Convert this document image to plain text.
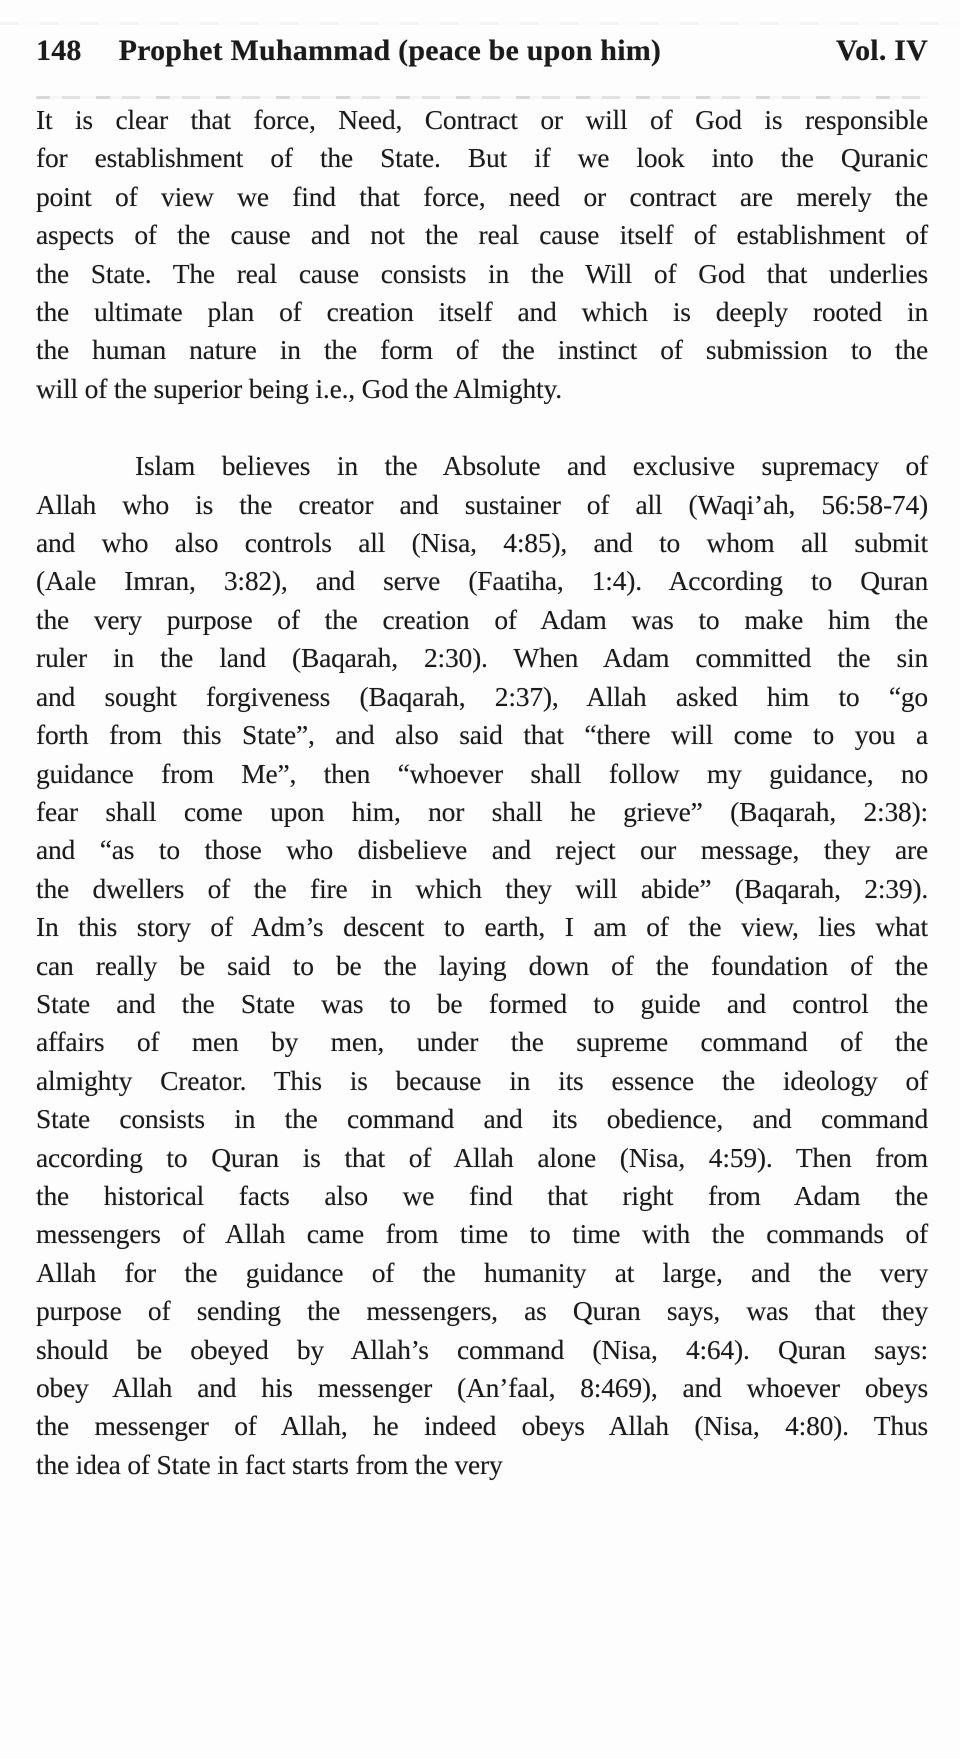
148 Prophet Muhammad (peace be upon him)	Vol. IV
It is clear that force, Need, Contract or will of God is responsible
for establishment of the State. But if we look into the Quranic
point of view we find that force, need or contract are merely the
aspects of the cause and not the real cause itself of establishment of
the State. The real cause consists in the Will of God that underlies
the ultimate plan of creation itself and which is deeply rooted in
the human nature in the form of the instinct of submission to the
will of the superior being i.e., God the Almighty.
Islam believes in the Absolute and exclusive supremacy of
Allah who is the creator and sustainer of all (Waqi’ah, 56:58-74)
and who also controls all (Nisa, 4:85), and to whom all submit
(Aale Imran, 3:82), and serve (Faatiha, 1:4). According to Quran
the very purpose of the creation of Adam was to make him the
ruler in the land (Baqarah, 2:30). When Adam committed the sin
and sought forgiveness (Baqarah, 2:37), Allah asked him to “go
forth from this State”, and also said that “there will come to you a
guidance from Me”, then “whoever shall follow my guidance, no
fear shall come upon him, nor shall he grieve” (Baqarah, 2:38):
and “as to those who disbelieve and reject our message, they are
the dwellers of the fire in which they will abide” (Baqarah, 2:39).
In this story of Adm’s descent to earth, I am of the view, lies what
can really be said to be the laying down of the foundation of the
State and the State was to be formed to guide and control the
affairs of men by men, under the supreme command of the
almighty Creator. This is because in its essence the ideology of
State consists in the command and its obedience, and command
according to Quran is that of Allah alone (Nisa, 4:59). Then from
the historical facts also we find that right from Adam the
messengers of Allah came from time to time with the commands of
Allah for the guidance of the humanity at large, and the very
purpose of sending the messengers, as Quran says, was that they
should be obeyed by Allah’s command (Nisa, 4:64). Quran says:
obey Allah and his messenger (An’faal, 8:469), and whoever obeys
the messenger of Allah, he indeed obeys Allah (Nisa, 4:80). Thus
the idea of State in fact starts from the very
